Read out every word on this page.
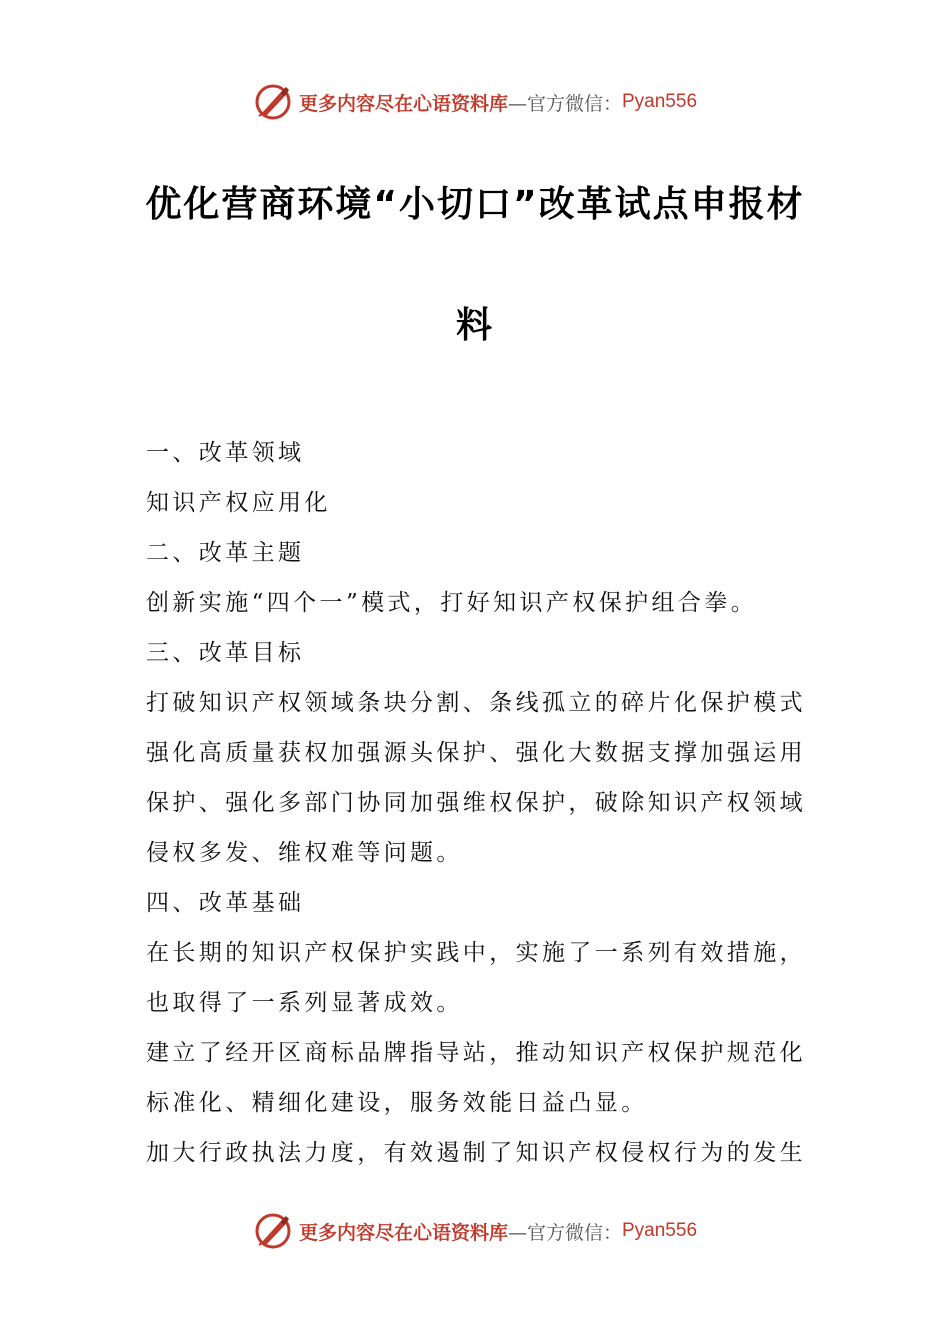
更多内容尽在心语资料库 —官方微信： Pyan556
优化营商环境“小切口”改革试点申报材
料
一、改革领域
知识产权应用化
二、改革主题
创新实施“四个一”模式，打好知识产权保护组合拳。
三、改革目标
打破知识产权领域条块分割、条线孤立的碎片化保护模式
强化高质量获权加强源头保护、强化大数据支撑加强运用
保护、强化多部门协同加强维权保护，破除知识产权领域
侵权多发、维权难等问题。
四、改革基础
在长期的知识产权保护实践中，实施了一系列有效措施，
也取得了一系列显著成效。
建立了经开区商标品牌指导站，推动知识产权保护规范化
标准化、精细化建设，服务效能日益凸显。
加大行政执法力度，有效遏制了知识产权侵权行为的发生
更多内容尽在心语资料库 —官方微信： Pyan556
